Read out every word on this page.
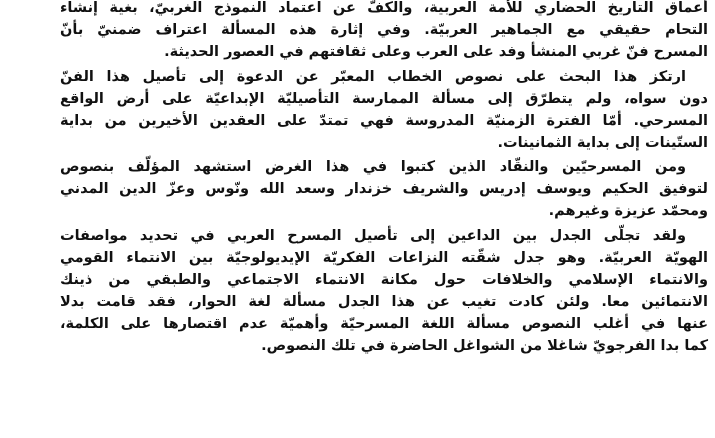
أعماق التاريخ الحضاري للأمة العربية، والكفّ عن اعتماد النموذج الغربيّ، بغية إنشاء
التحام حقيقي مع الجماهير العربيّة. وفي إثارة هذه المسألة اعتراف ضمنيّ بأنّ
المسرح فنّ غربي المنشأ وفد على العرب وعلى ثقافتهم في العصور الحديثة.
ارتكز هذا البحث على نصوص الخطاب المعبّر عن الدعوة إلى تأصيل هذا الفنّ
دون سواه، ولم يتطرّق إلى مسألة الممارسة التأصيليّة الإبداعيّة على أرض الواقع
المسرحي. أمّا الفترة الزمنيّة المدروسة فهي تمتدّ على العقدين الأخيرين من بداية
الستّينات إلى بداية الثمانينات.
ومن المسرحيّين والنقّاد الذين كتبوا في هذا الغرض استشهد المؤلّف بنصوص
لتوفيق الحكيم ويوسف إدريس والشريف خزندار وسعد الله ونّوس وعزّ الدين المدني
ومحمّد عزيزة وغيرهم.
ولقد تجلّى الجدل بين الداعين إلى تأصيل المسرح العربي في تحديد مواصفات
الهويّة العربيّة. وهو جدل شقّته النزاعات الفكريّة الإيديولوجيّة بين الانتماء القومي
والانتماء الإسلامي والخلافات حول مكانة الانتماء الاجتماعي والطبقي من ذينك
الانتمائين معا. ولئن كادت تغيب عن هذا الجدل مسألة لغة الحوار، فقد قامت بدلا
عنها في أغلب النصوص مسألة اللغة المسرحيّة وأهميّة عدم اقتصارها على الكلمة،
كما بدا الفرجويّ شاغلا من الشواغل الحاضرة في تلك النصوص.
